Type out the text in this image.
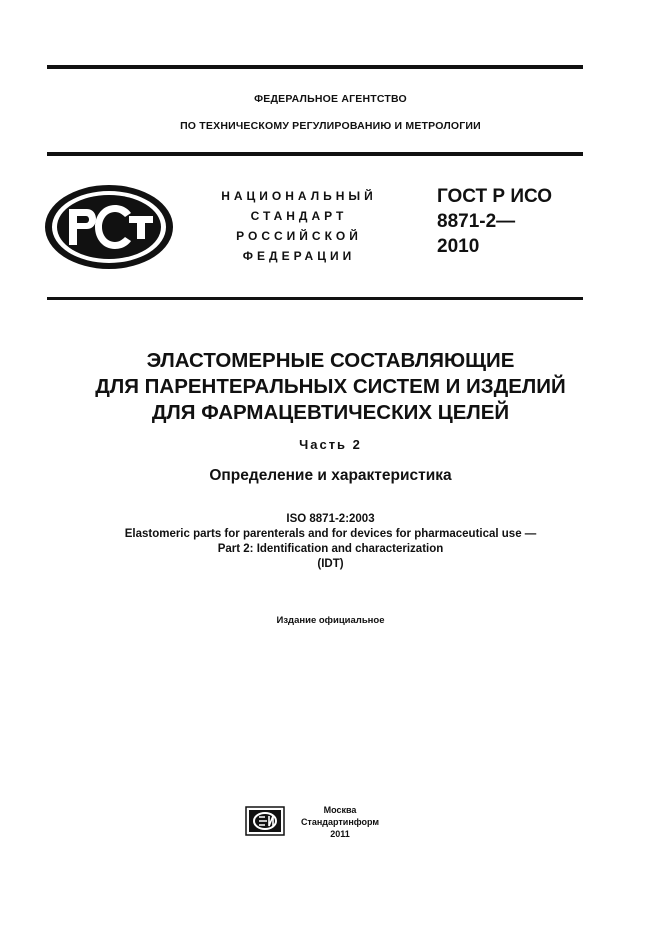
ФЕДЕРАЛЬНОЕ АГЕНТСТВО
ПО ТЕХНИЧЕСКОМУ РЕГУЛИРОВАНИЮ И МЕТРОЛОГИИ
НАЦИОНАЛЬНЫЙ
СТАНДАРТ
РОССИЙСКОЙ
ФЕДЕРАЦИИ
ГОСТ Р ИСО
8871-2—
2010
ЭЛАСТОМЕРНЫЕ СОСТАВЛЯЮЩИЕ
ДЛЯ ПАРЕНТЕРАЛЬНЫХ СИСТЕМ И ИЗДЕЛИЙ
ДЛЯ ФАРМАЦЕВТИЧЕСКИХ ЦЕЛЕЙ
Часть 2
Определение и характеристика
ISO 8871-2:2003
Elastomeric parts for parenterals and for devices for pharmaceutical use —
Part 2: Identification and characterization
(IDT)
Издание официальное
Москва
Стандартинформ
2011
